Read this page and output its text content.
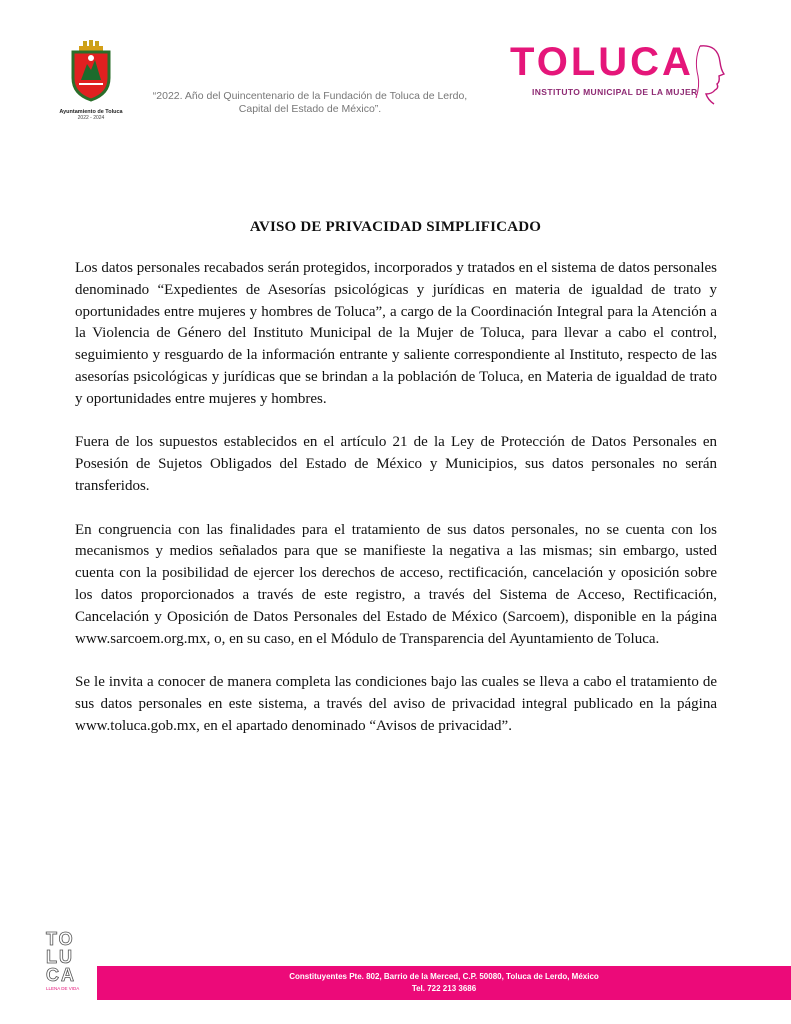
Ayuntamiento de Toluca
2022 - 2024
“2022. Año del Quincentenario de la Fundación de Toluca de Lerdo,
Capital del Estado de México”.
TOLUCA
INSTITUTO MUNICIPAL DE LA MUJER
AVISO DE PRIVACIDAD SIMPLIFICADO

Los datos personales recabados serán protegidos, incorporados y tratados en el sistema de datos personales denominado “Expedientes de Asesorías psicológicas y jurídicas en materia de igualdad de trato y oportunidades entre mujeres y hombres de Toluca”, a cargo de la Coordinación Integral para la Atención a la Violencia de Género del Instituto Municipal de la Mujer de Toluca, para llevar a cabo el control, seguimiento y resguardo de la información entrante y saliente correspondiente al Instituto, respecto de las asesorías psicológicas y jurídicas que se brindan a la población de Toluca, en Materia de igualdad de trato y oportunidades entre mujeres y hombres.

Fuera de los supuestos establecidos en el artículo 21 de la Ley de Protección de Datos Personales en Posesión de Sujetos Obligados del Estado de México y Municipios, sus datos personales no serán transferidos.

En congruencia con las finalidades para el tratamiento de sus datos personales, no se cuenta con los mecanismos y medios señalados para que se manifieste la negativa a las mismas; sin embargo, usted cuenta con la posibilidad de ejercer los derechos de acceso, rectificación, cancelación y oposición sobre los datos proporcionados a través de este registro, a través del Sistema de Acceso, Rectificación, Cancelación y Oposición de Datos Personales del Estado de México (Sarcoem), disponible en la página www.sarcoem.org.mx, o, en su caso, en el Módulo de Transparencia del Ayuntamiento de Toluca.

Se le invita a conocer de manera completa las condiciones bajo las cuales se lleva a cabo el tratamiento de sus datos personales en este sistema, a través del aviso de privacidad integral publicado en la página www.toluca.gob.mx, en el apartado denominado “Avisos de privacidad”.

TO
LU
CA
LLENA DE VIDA
Constituyentes Pte. 802, Barrio de la Merced, C.P. 50080, Toluca de Lerdo, México
Tel. 722 213 3686
